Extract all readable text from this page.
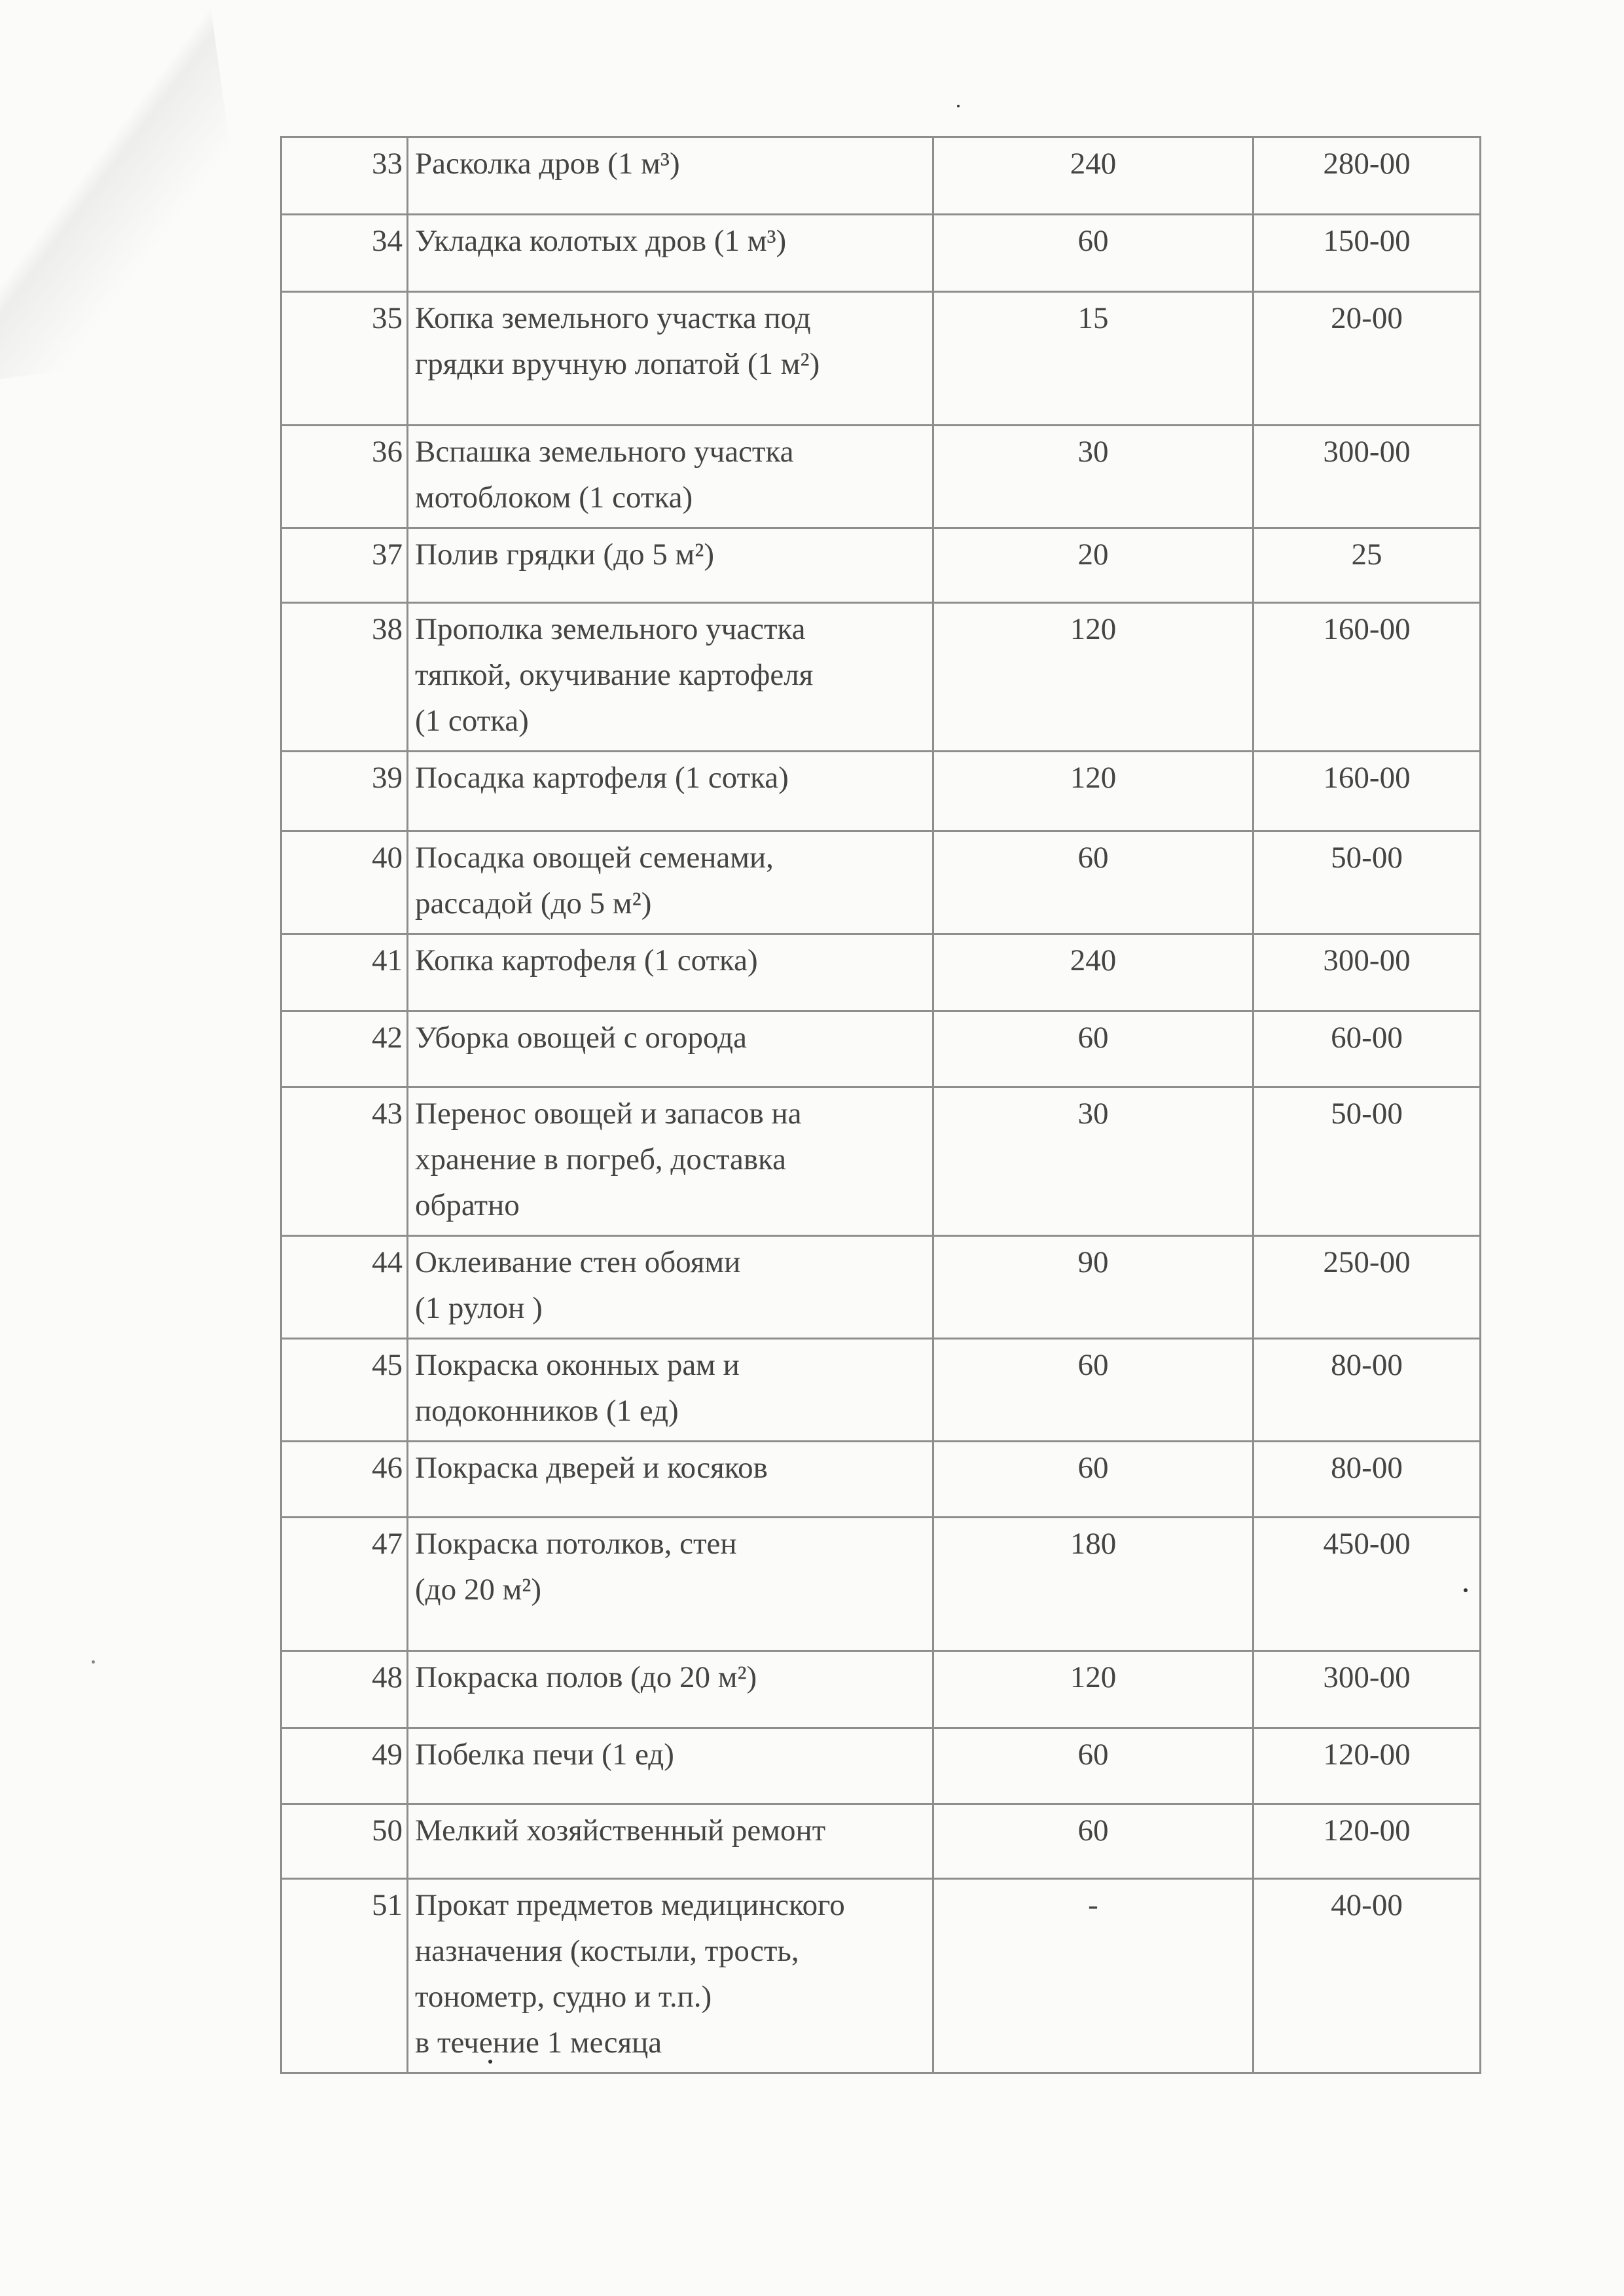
33	Расколка дров (1 м³)	240	280-00
34	Укладка колотых дров (1 м³)	60	150-00
35	Копка земельного участка под
грядки вручную лопатой (1 м²)	15	20-00
36	Вспашка земельного участка
мотоблоком (1 сотка)	30	300-00
37	Полив грядки (до 5 м²)	20	25
38	Прополка земельного участка
тяпкой, окучивание картофеля
(1 сотка)	120	160-00
39	Посадка картофеля (1 сотка)	120	160-00
40	Посадка овощей семенами,
рассадой (до 5 м²)	60	50-00
41	Копка картофеля (1 сотка)	240	300-00
42	Уборка овощей с огорода	60	60-00
43	Перенос овощей и запасов на
хранение в погреб, доставка
обратно	30	50-00
44	Оклеивание стен обоями
(1 рулон )	90	250-00
45	Покраска оконных рам и
подоконников (1 ед)	60	80-00
46	Покраска дверей и косяков	60	80-00
47	Покраска потолков, стен
(до 20 м²)	180	450-00
48	Покраска полов (до 20 м²)	120	300-00
49	Побелка печи (1 ед)	60	120-00
50	Мелкий хозяйственный ремонт	60	120-00
51	Прокат предметов медицинского
назначения (костыли, трость,
тонометр, судно и т.п.)
в течение 1 месяца	-	40-00
